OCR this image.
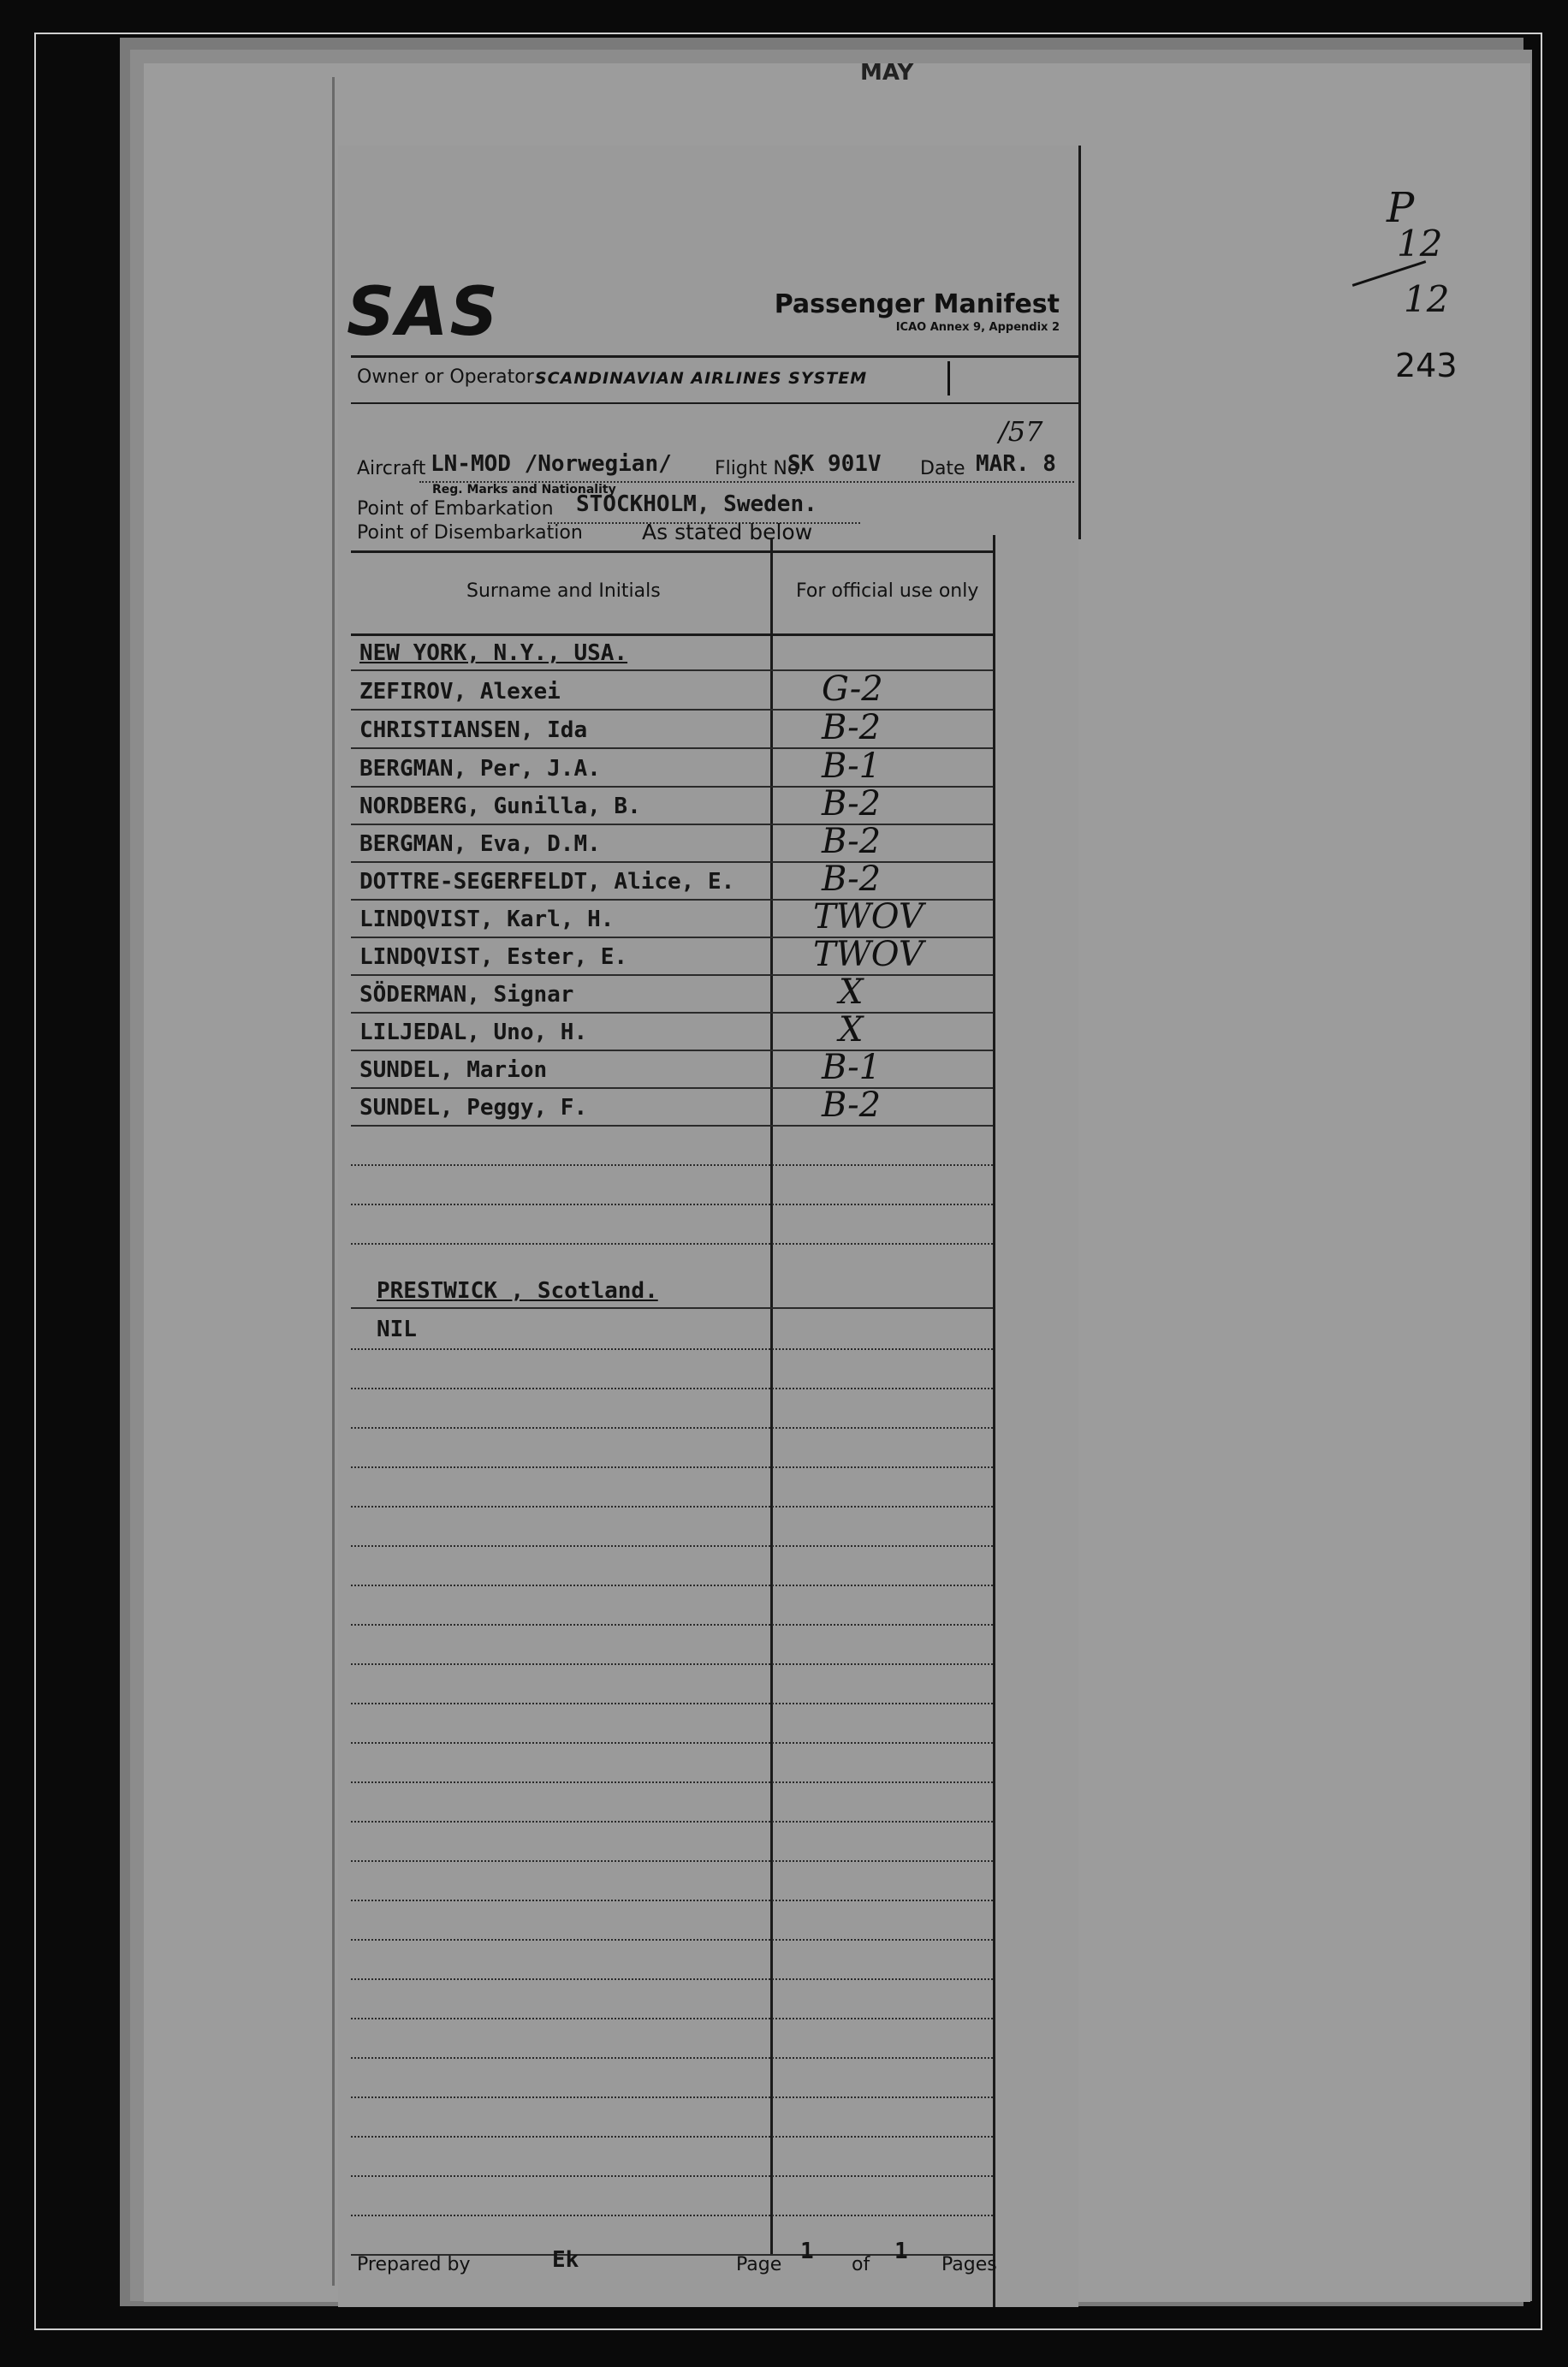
MAY
P
12
12
243
SAS	Passenger Manifest
ICAO Annex 9, Appendix 2
Owner or Operator SCANDINAVIAN AIRLINES SYSTEM
/57
Aircraft LN-MOD /Norwegian/ Flight No.
SK 901V Date MAR. 8
Reg. Marks and Nationality
Point of Embarkation STOCKHOLM, Sweden.
Point of Disembarkation	As stated below
Surname and Initials	For official use only
NEW YORK, N.Y., USA.
ZEFIROV, Alexei	G-2
CHRISTIANSEN, Ida	B-2
BERGMAN, Per, J.A.	B-1
NORDBERG, Gunilla, B.	B-2
BERGMAN, Eva, D.M.	B-2
DOTTRE-SEGERFELDT, Alice, E.	B-2
LINDQVIST, Karl, H.	TWOV
LINDQVIST, Ester, E.	TWOV
SÖDERMAN, Signar	X
LILJEDAL, Uno, H.	X
SUNDEL, Marion	B-1
SUNDEL, Peggy, F.	B-2
PRESTWICK , Scotland.
NIL
Prepared by	Ek	Page
1
of
1
Pages
